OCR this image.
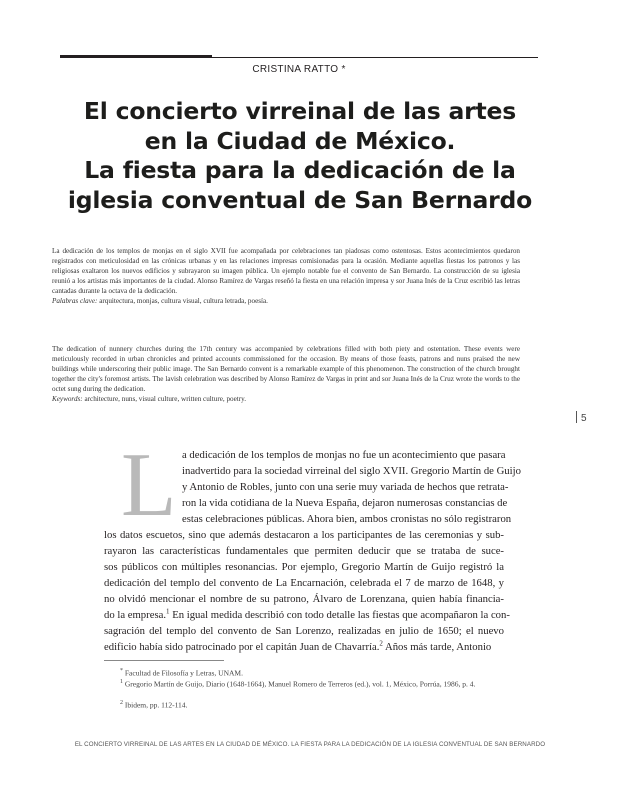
CRISTINA RATTO *
El concierto virreinal de las artes
en la Ciudad de México.
La fiesta para la dedicación de la
iglesia conventual de San Bernardo
La dedicación de los templos de monjas en el siglo XVII fue acompañada por celebraciones tan piadosas como ostentosas. Estos acontecimientos quedaron registrados con meticulosidad en las crónicas urbanas y en las relaciones impresas comisionadas para la ocasión. Mediante aquellas fiestas los patronos y las religiosas exaltaron los nuevos edificios y subrayaron su imagen pública. Un ejemplo notable fue el convento de San Bernardo. La construcción de su iglesia reunió a los artistas más importantes de la ciudad. Alonso Ramírez de Vargas reseñó la fiesta en una relación impresa y sor Juana Inés de la Cruz escribió las letras cantadas durante la octava de la dedicación.
Palabras clave: arquitectura, monjas, cultura visual, cultura letrada, poesía.
The dedication of nunnery churches during the 17th century was accompanied by celebrations filled with both piety and ostentation. These events were meticulously recorded in urban chronicles and printed accounts commissioned for the occasion. By means of those feasts, patrons and nuns praised the new buildings while underscoring their public image. The San Bernardo convent is a remarkable example of this phenomenon. The construction of the church brought together the city's foremost artists. The lavish celebration was described by Alonso Ramírez de Vargas in print and sor Juana Inés de la Cruz wrote the words to the octet sung during the dedication.
Keywords: architecture, nuns, visual culture, written culture, poetry.
5
L a dedicación de los templos de monjas no fue un acontecimiento que pasara
inadvertido para la sociedad virreinal del siglo XVII. Gregorio Martín de Guijo
y Antonio de Robles, junto con una serie muy variada de hechos que retrata-
ron la vida cotidiana de la Nueva España, dejaron numerosas constancias de
estas celebraciones públicas. Ahora bien, ambos cronistas no sólo registraron
los datos escuetos, sino que además destacaron a los participantes de las ceremonias y sub-
rayaron las características fundamentales que permiten deducir que se trataba de suce-
sos públicos con múltiples resonancias. Por ejemplo, Gregorio Martín de Guijo registró la
dedicación del templo del convento de La Encarnación, celebrada el 7 de marzo de 1648, y
no olvidó mencionar el nombre de su patrono, Álvaro de Lorenzana, quien había financia-
do la empresa.$^1$ En igual medida describió con todo detalle las fiestas que acompañaron la con-
sagración del templo del convento de San Lorenzo, realizadas en julio de 1650; el nuevo
edificio había sido patrocinado por el capitán Juan de Chavarría.$^2$ Años más tarde, Antonio
* Facultad de Filosofía y Letras, UNAM.
$^1$ Gregorio Martín de Guijo, Diario (1648-1664), Manuel Romero de Terreros (ed.), vol. 1, México, Porrúa, 1986, p. 4.
$^2$ Ibidem, pp. 112-114.
EL CONCIERTO VIRREINAL DE LAS ARTES EN LA CIUDAD DE MÉXICO. LA FIESTA PARA LA DEDICACIÓN DE LA IGLESIA CONVENTUAL DE SAN BERNARDO
